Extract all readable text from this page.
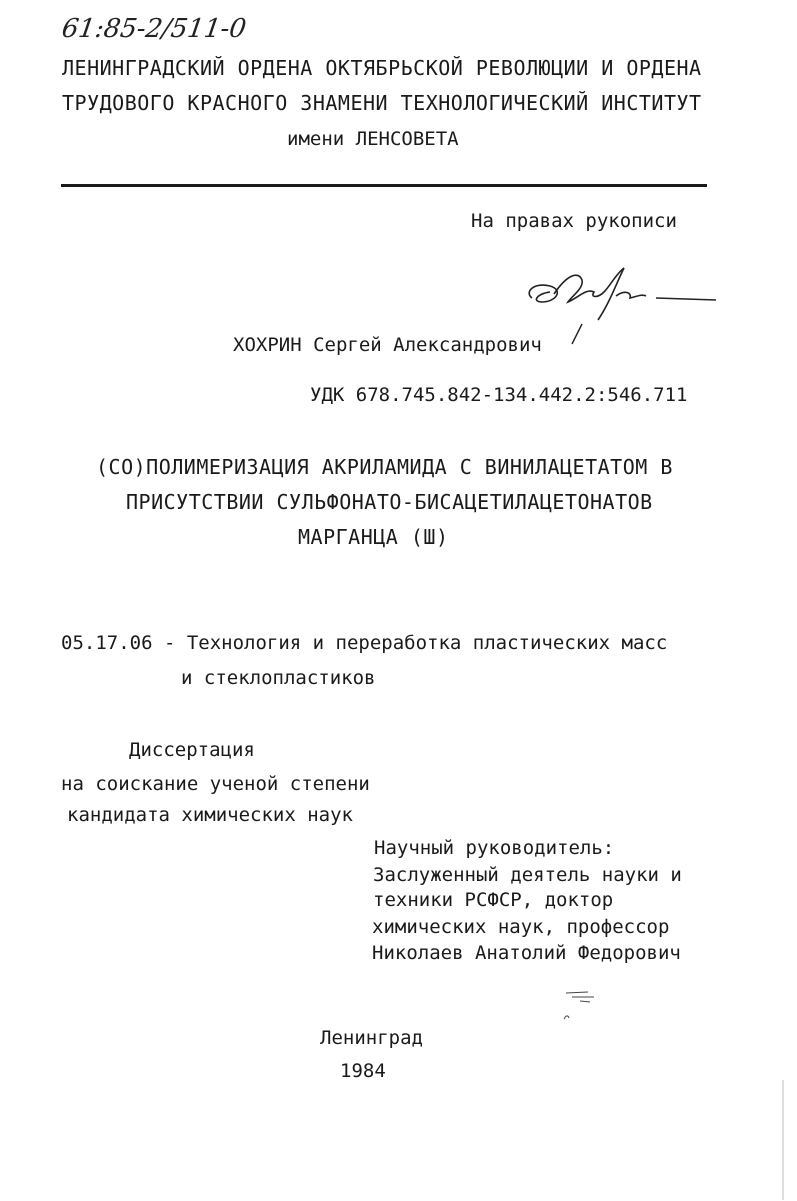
61:85-2/511-0
ЛЕНИНГРАДСКИЙ ОРДЕНА ОКТЯБРЬСКОЙ РЕВОЛЮЦИИ И ОРДЕНА
ТРУДОВОГО КРАСНОГО ЗНАМЕНИ ТЕХНОЛОГИЧЕСКИЙ ИНСТИТУТ
имени ЛЕНСОВЕТА
На правах рукописи
ХОХРИН Сергей Александрович
УДК 678.745.842-134.442.2:546.711
(СО)ПОЛИМЕРИЗАЦИЯ АКРИЛАМИДА С ВИНИЛАЦЕТАТОМ В
ПРИСУТСТВИИ СУЛЬФОНАТО-БИСАЦЕТИЛАЦЕТОНАТОВ
МАРГАНЦА (Ш)
05.17.06 - Технология и переработка пластических масс
и стеклопластиков
Диссертация
на соискание ученой степени
кандидата химических наук
Научный руководитель:
Заслуженный деятель науки и
техники РСФСР, доктор
химических наук, профессор
Николаев Анатолий Федорович
Ленинград
1984
